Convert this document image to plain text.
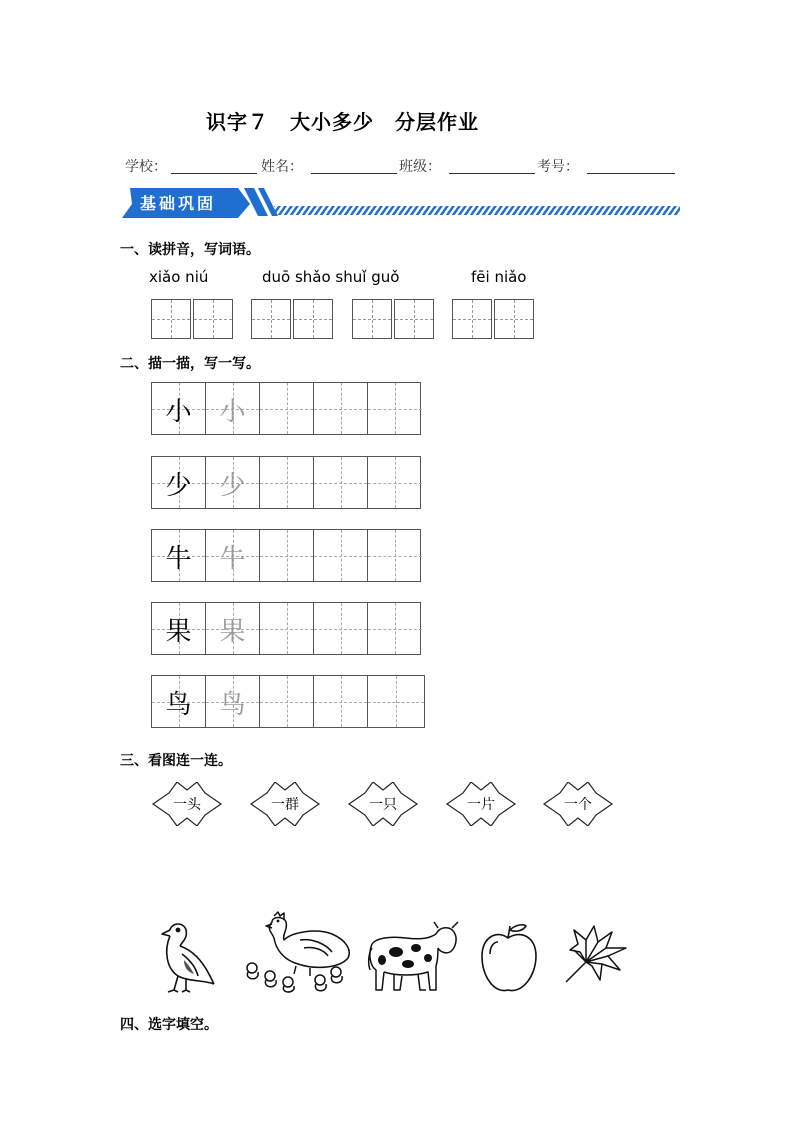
识字７　大小多少　分层作业
学校：	姓名：	班级：	考号：
基础巩固
一、读拼音，写词语。
xiǎo niú	duō shǎo shuǐ guǒ	fēi niǎo
二、描一描，写一写。
小	小
少	少
牛	牛
果	果
鸟	鸟
三、看图连一连。
一头	一群	一只	一片	一个
四、选字填空。
